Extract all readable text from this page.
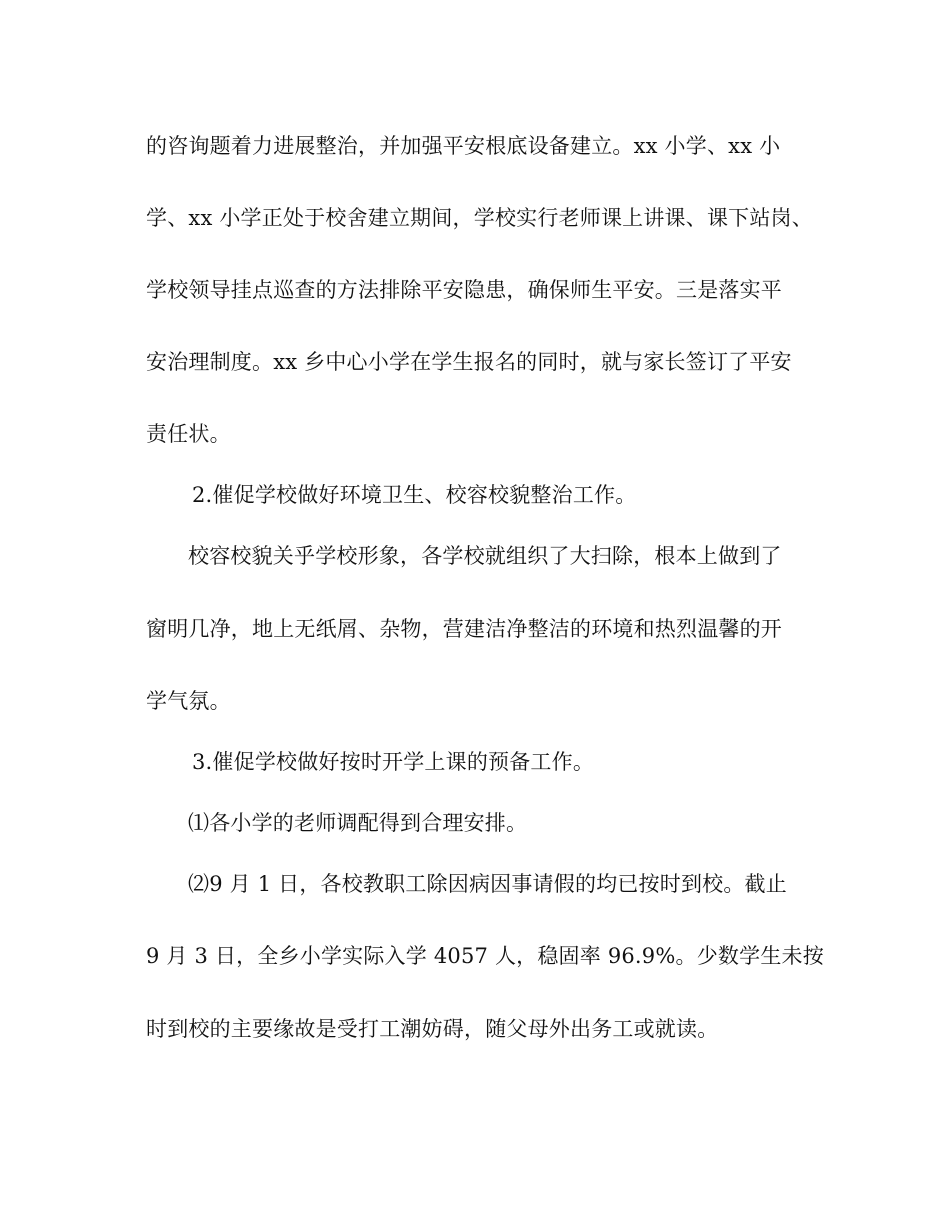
的咨询题着力进展整治，并加强平安根底设备建立。xx 小学、xx 小
学、xx 小学正处于校舍建立期间，学校实行老师课上讲课、课下站岗、
学校领导挂点巡查的方法排除平安隐患，确保师生平安。三是落实平
安治理制度。xx 乡中心小学在学生报名的同时，就与家长签订了平安
责任状。
2.催促学校做好环境卫生、校容校貌整治工作。
校容校貌关乎学校形象，各学校就组织了大扫除，根本上做到了
窗明几净，地上无纸屑、杂物，营建洁净整洁的环境和热烈温馨的开
学气氛。
3.催促学校做好按时开学上课的预备工作。
⑴各小学的老师调配得到合理安排。
⑵9 月 1 日，各校教职工除因病因事请假的均已按时到校。截止
9 月 3 日，全乡小学实际入学 4057 人，稳固率 96.9%。少数学生未按
时到校的主要缘故是受打工潮妨碍，随父母外出务工或就读。
